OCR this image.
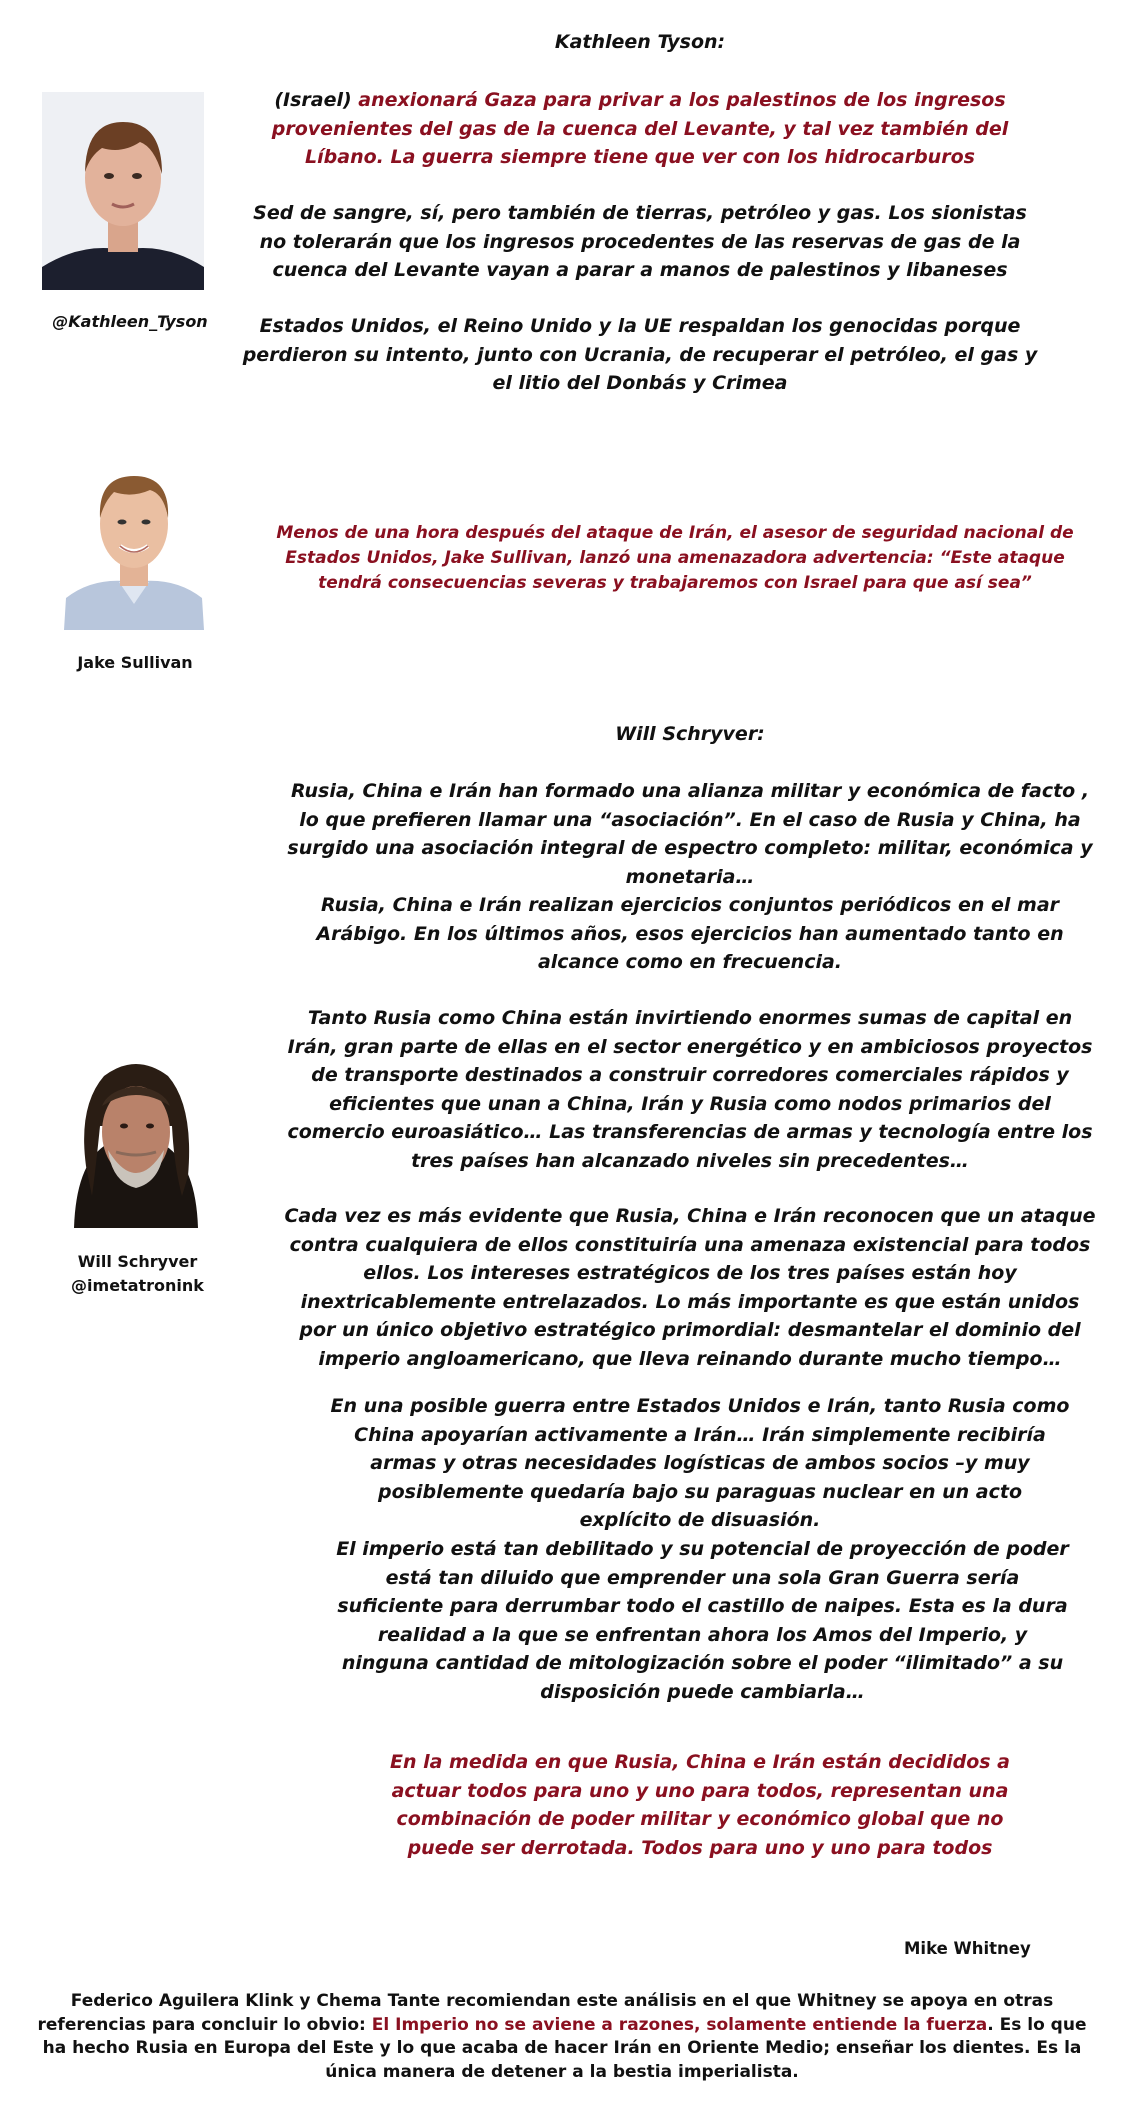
@Kathleen_Tyson
Kathleen Tyson:
(Israel) anexionará Gaza para privar a los palestinos de los ingresos provenientes del gas de la cuenca del Levante, y tal vez también del Líbano. La guerra siempre tiene que ver con los hidrocarburos
Sed de sangre, sí, pero también de tierras, petróleo y gas. Los sionistas no tolerarán que los ingresos procedentes de las reservas de gas de la cuenca del Levante vayan a parar a manos de palestinos y libaneses
Estados Unidos, el Reino Unido y la UE respaldan los genocidas porque perdieron su intento, junto con Ucrania, de recuperar el petróleo, el gas y el litio del Donbás y Crimea
Jake Sullivan
Menos de una hora después del ataque de Irán, el asesor de seguridad nacional de Estados Unidos, Jake Sullivan, lanzó una amenazadora advertencia: “Este ataque tendrá consecuencias severas y trabajaremos con Israel para que así sea”
Will Schryver:
Rusia, China e Irán han formado una alianza militar y económica de facto , lo que prefieren llamar una “asociación”. En el caso de Rusia y China, ha surgido una asociación integral de espectro completo: militar, económica y monetaria…
Rusia, China e Irán realizan ejercicios conjuntos periódicos en el mar Arábigo. En los últimos años, esos ejercicios han aumentado tanto en alcance como en frecuencia.
Tanto Rusia como China están invirtiendo enormes sumas de capital en Irán, gran parte de ellas en el sector energético y en ambiciosos proyectos de transporte destinados a construir corredores comerciales rápidos y eficientes que unan a China, Irán y Rusia como nodos primarios del comercio euroasiático… Las transferencias de armas y tecnología entre los tres países han alcanzado niveles sin precedentes…
Cada vez es más evidente que Rusia, China e Irán reconocen que un ataque contra cualquiera de ellos constituiría una amenaza existencial para todos ellos. Los intereses estratégicos de los tres países están hoy inextricablemente entrelazados. Lo más importante es que están unidos por un único objetivo estratégico primordial: desmantelar el dominio del imperio angloamericano, que lleva reinando durante mucho tiempo…
Will Schryver
@imetatronink
En una posible guerra entre Estados Unidos e Irán, tanto Rusia como China apoyarían activamente a Irán… Irán simplemente recibiría armas y otras necesidades logísticas de ambos socios –y muy posiblemente quedaría bajo su paraguas nuclear en un acto explícito de disuasión.
El imperio está tan debilitado y su potencial de proyección de poder está tan diluido que emprender una sola Gran Guerra sería suficiente para derrumbar todo el castillo de naipes. Esta es la dura realidad a la que se enfrentan ahora los Amos del Imperio, y ninguna cantidad de mitologización sobre el poder “ilimitado” a su disposición puede cambiarla…
En la medida en que Rusia, China e Irán están decididos a actuar todos para uno y uno para todos, representan una combinación de poder militar y económico global que no puede ser derrotada. Todos para uno y uno para todos
Mike Whitney
Federico Aguilera Klink y Chema Tante recomiendan este análisis en el que Whitney se apoya en otras referencias para concluir lo obvio: El Imperio no se aviene a razones, solamente entiende la fuerza. Es lo que ha hecho Rusia en Europa del Este y lo que acaba de hacer Irán en Oriente Medio; enseñar los dientes. Es la única manera de detener a la bestia imperialista.
